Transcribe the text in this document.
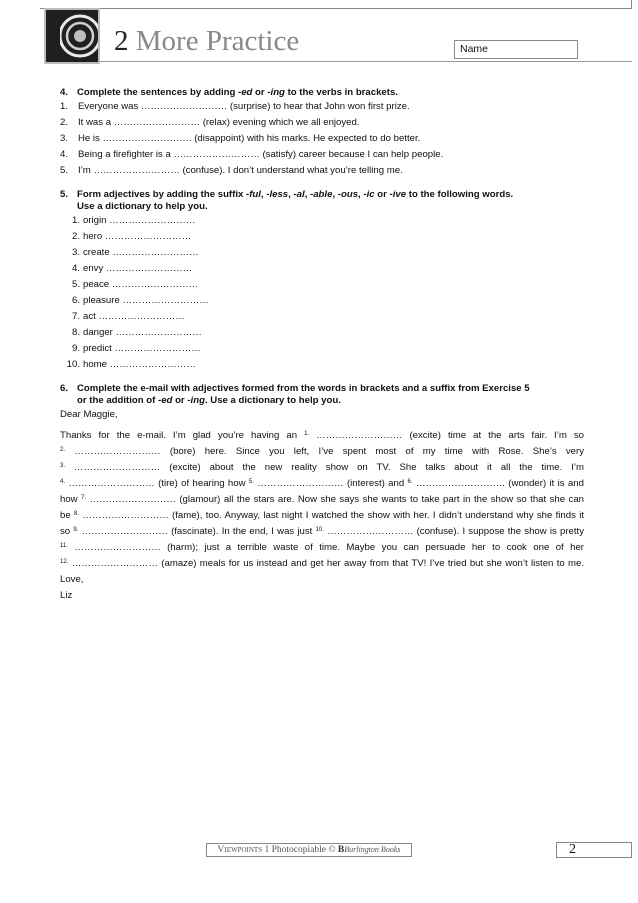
2 More Practice	Name

4. Complete the sentences by adding -ed or -ing to the verbs in brackets.

1. Everyone was ……………………… (surprise) to hear that John won first prize.

2. It was a ……………………… (relax) evening which we all enjoyed.

3. He is ………………………. (disappoint) with his marks. He expected to do better.

4. Being a firefighter is a ……………………… (satisfy) career because I can help people.

5. I’m ……………………… (confuse). I don’t understand what you’re telling me.

5. Form adjectives by adding the suffix -ful, -less, -al, -able, -ous, -ic or -ive to the following words.

Use a dictionary to help you.

1. origin ………………………

2. hero ………………………

3. create ………………………

4. envy ………………………

5. peace ………………………

6. pleasure ………………………

7. act ………………………

8. danger ………………………

9. predict ………………………

10. home ………………………

6. Complete the e-mail with adjectives formed from the words in brackets and a suffix from Exercise 5

or the addition of -ed or -ing. Use a dictionary to help you.

Dear Maggie,

Thanks for the e-mail. I’m glad you’re having an $^{1.}$ ……………………… (excite) time at the arts fair. I’m so

$^{2.}$ ……………………… (bore) here. Since you left, I’ve spent most of my time with Rose. She’s very

$^{3.}$ ……………………… (excite) about the new reality show on TV. She talks about it all the time. I’m

$^{4.}$ ……………………… (tire) of hearing how $^{5.}$ ……………………… (interest) and $^{6.}$ ………………………. (wonder) it is and

how $^{7.}$ ……………………… (glamour) all the stars are. Now she says she wants to take part in the show so that she can

be $^{8.}$ ……………………… (fame), too. Anyway, last night I watched the show with her. I didn’t understand why she finds it

so $^{9.}$ ……………………… (fascinate). In the end, I was just $^{10.}$ ……………………… (confuse). I suppose the show is pretty

$^{11.}$ ……………………… (harm); just a terrible waste of time. Maybe you can persuade her to cook one of her

$^{12.}$ ……………………… (amaze) meals for us instead and get her away from that TV! I’ve tried but she won’t listen to me.

Love,

Liz

Viewpoints 1 Photocopiable © BBurlington Books	2
